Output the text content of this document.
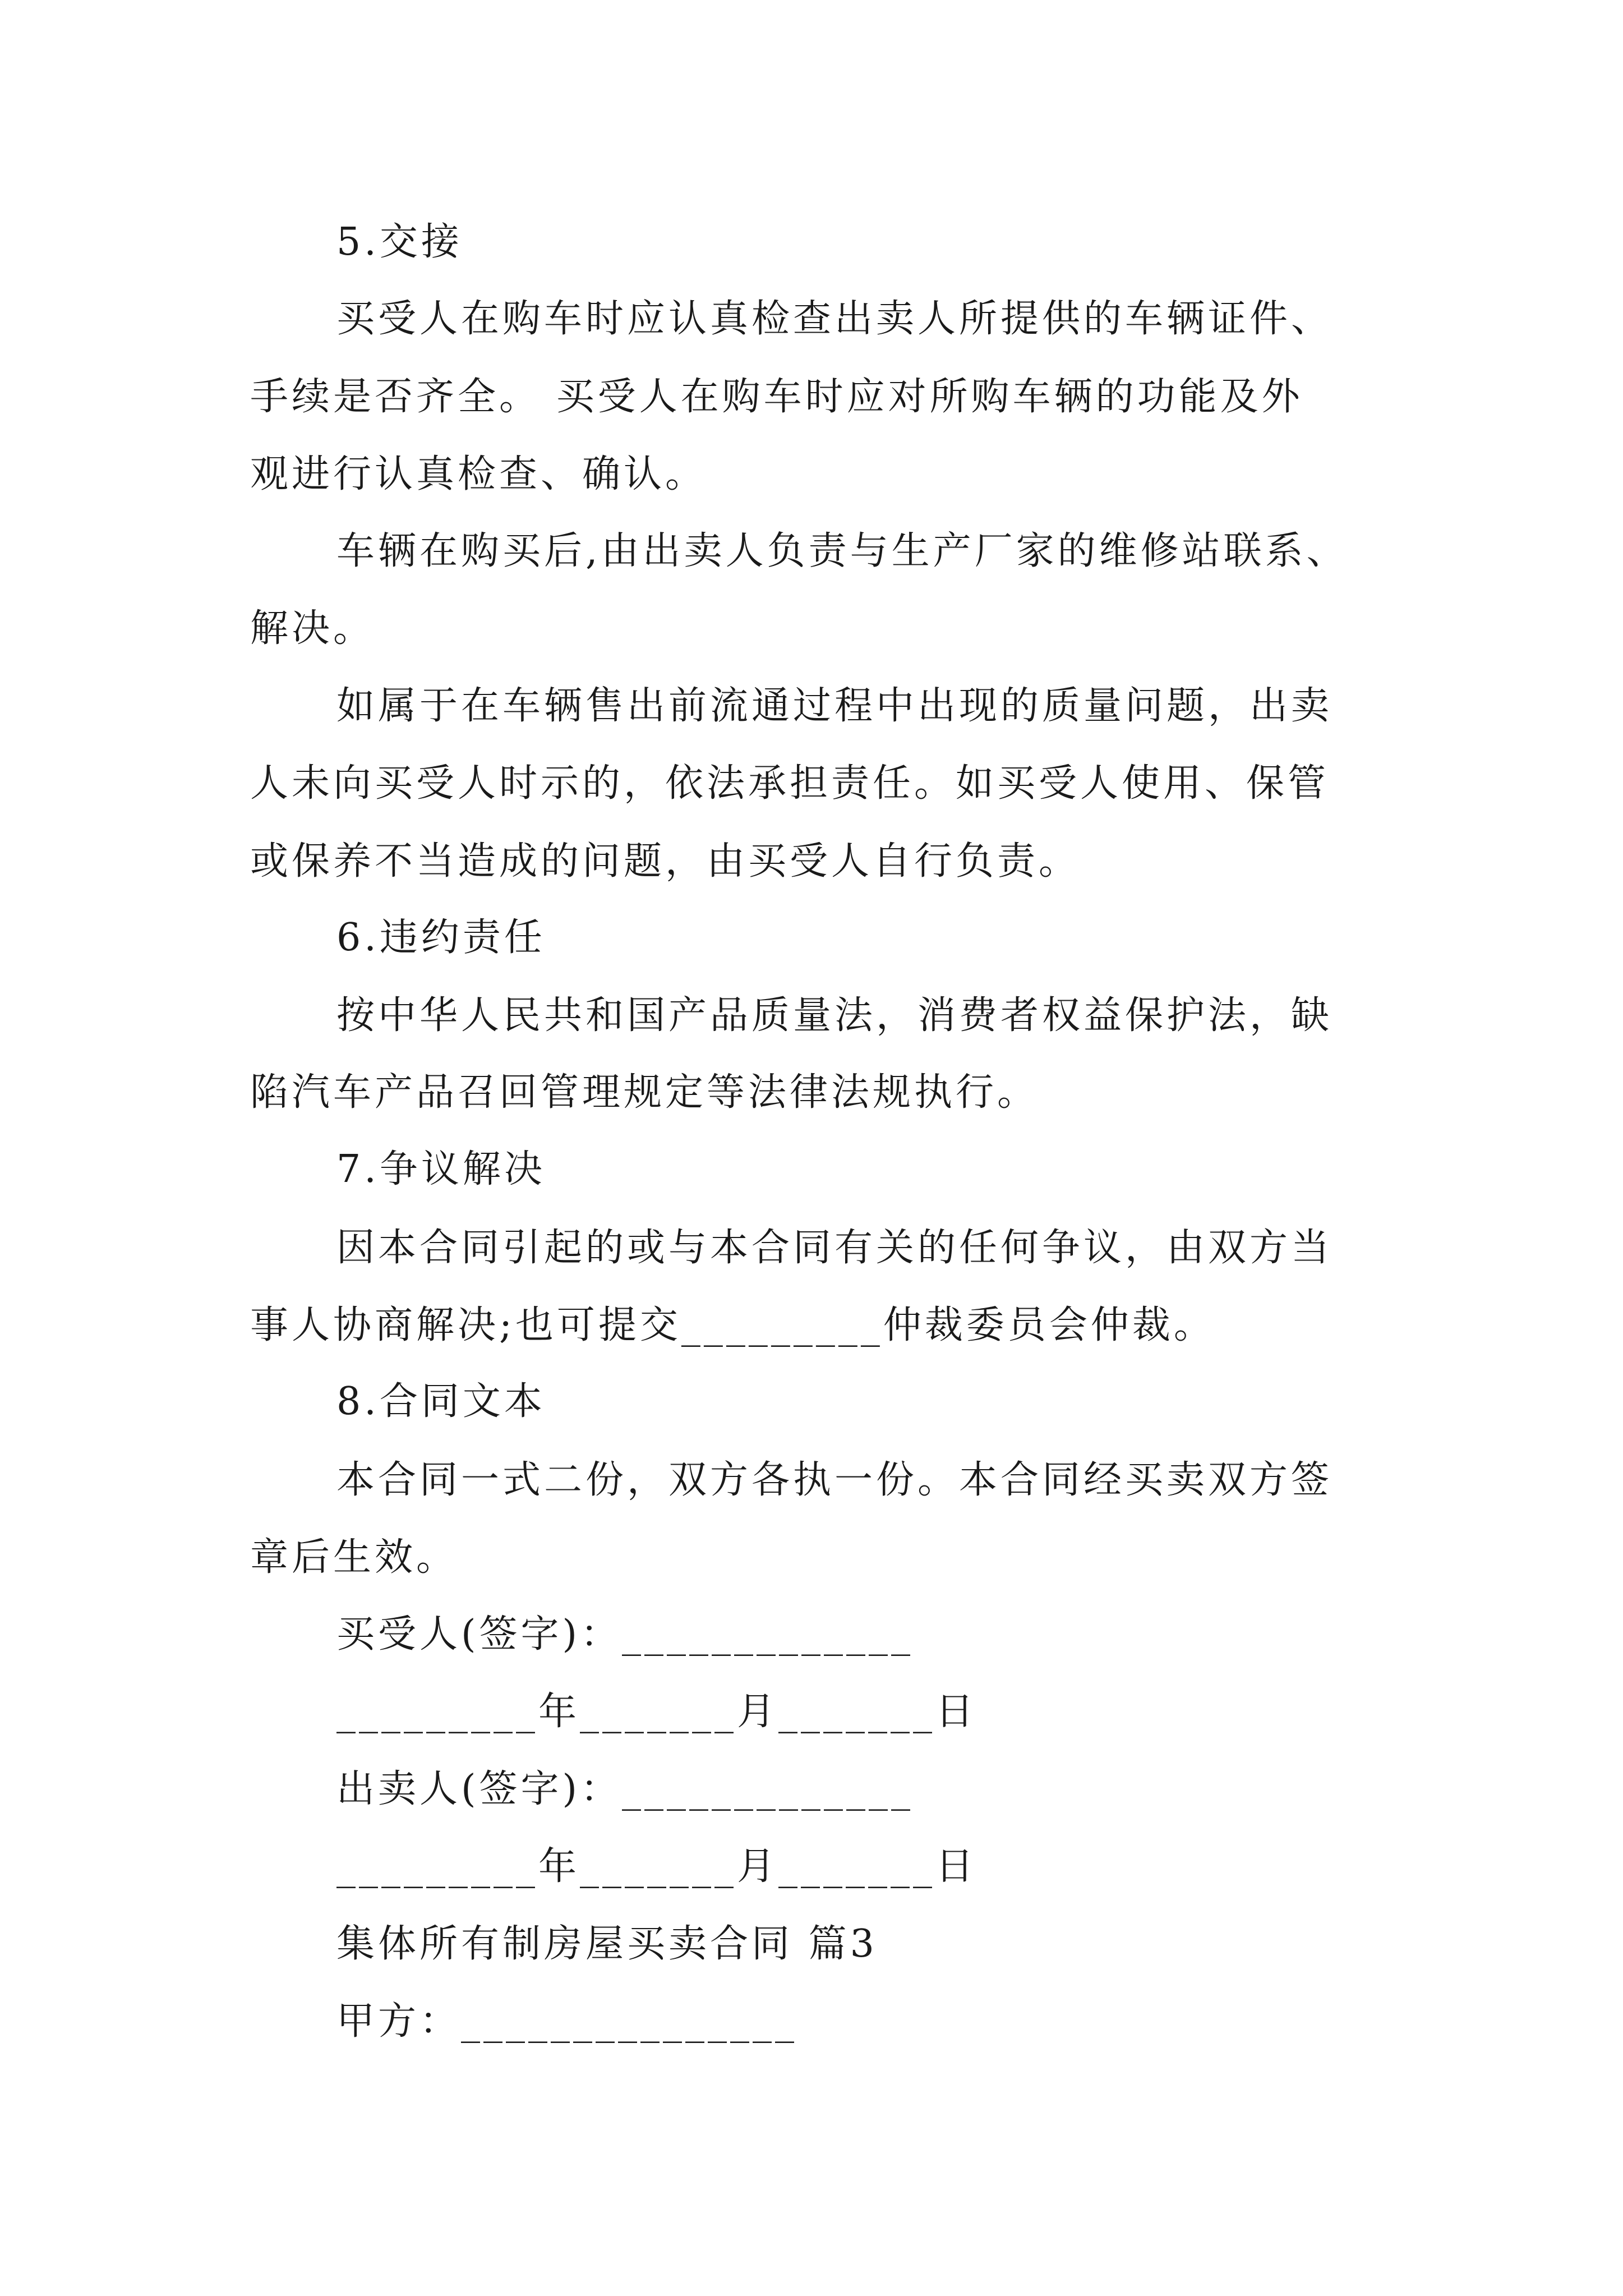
5.交接
买受人在购车时应认真检查出卖人所提供的车辆证件、
手续是否齐全。 买受人在购车时应对所购车辆的功能及外
观进行认真检查、确认。
车辆在购买后,由出卖人负责与生产厂家的维修站联系、
解决。
如属于在车辆售出前流通过程中出现的质量问题，出卖
人未向买受人时示的，依法承担责任。如买受人使用、保管
或保养不当造成的问题，由买受人自行负责。
6.违约责任
按中华人民共和国产品质量法，消费者权益保护法，缺
陷汽车产品召回管理规定等法律法规执行。
7.争议解决
因本合同引起的或与本合同有关的任何争议，由双方当
事人协商解决;也可提交_________仲裁委员会仲裁。
8.合同文本
本合同一式二份，双方各执一份。本合同经买卖双方签
章后生效。
买受人(签字)：_____________
_________年_______月_______日
出卖人(签字)：_____________
_________年_______月_______日
集体所有制房屋买卖合同 篇3
甲方：_______________
